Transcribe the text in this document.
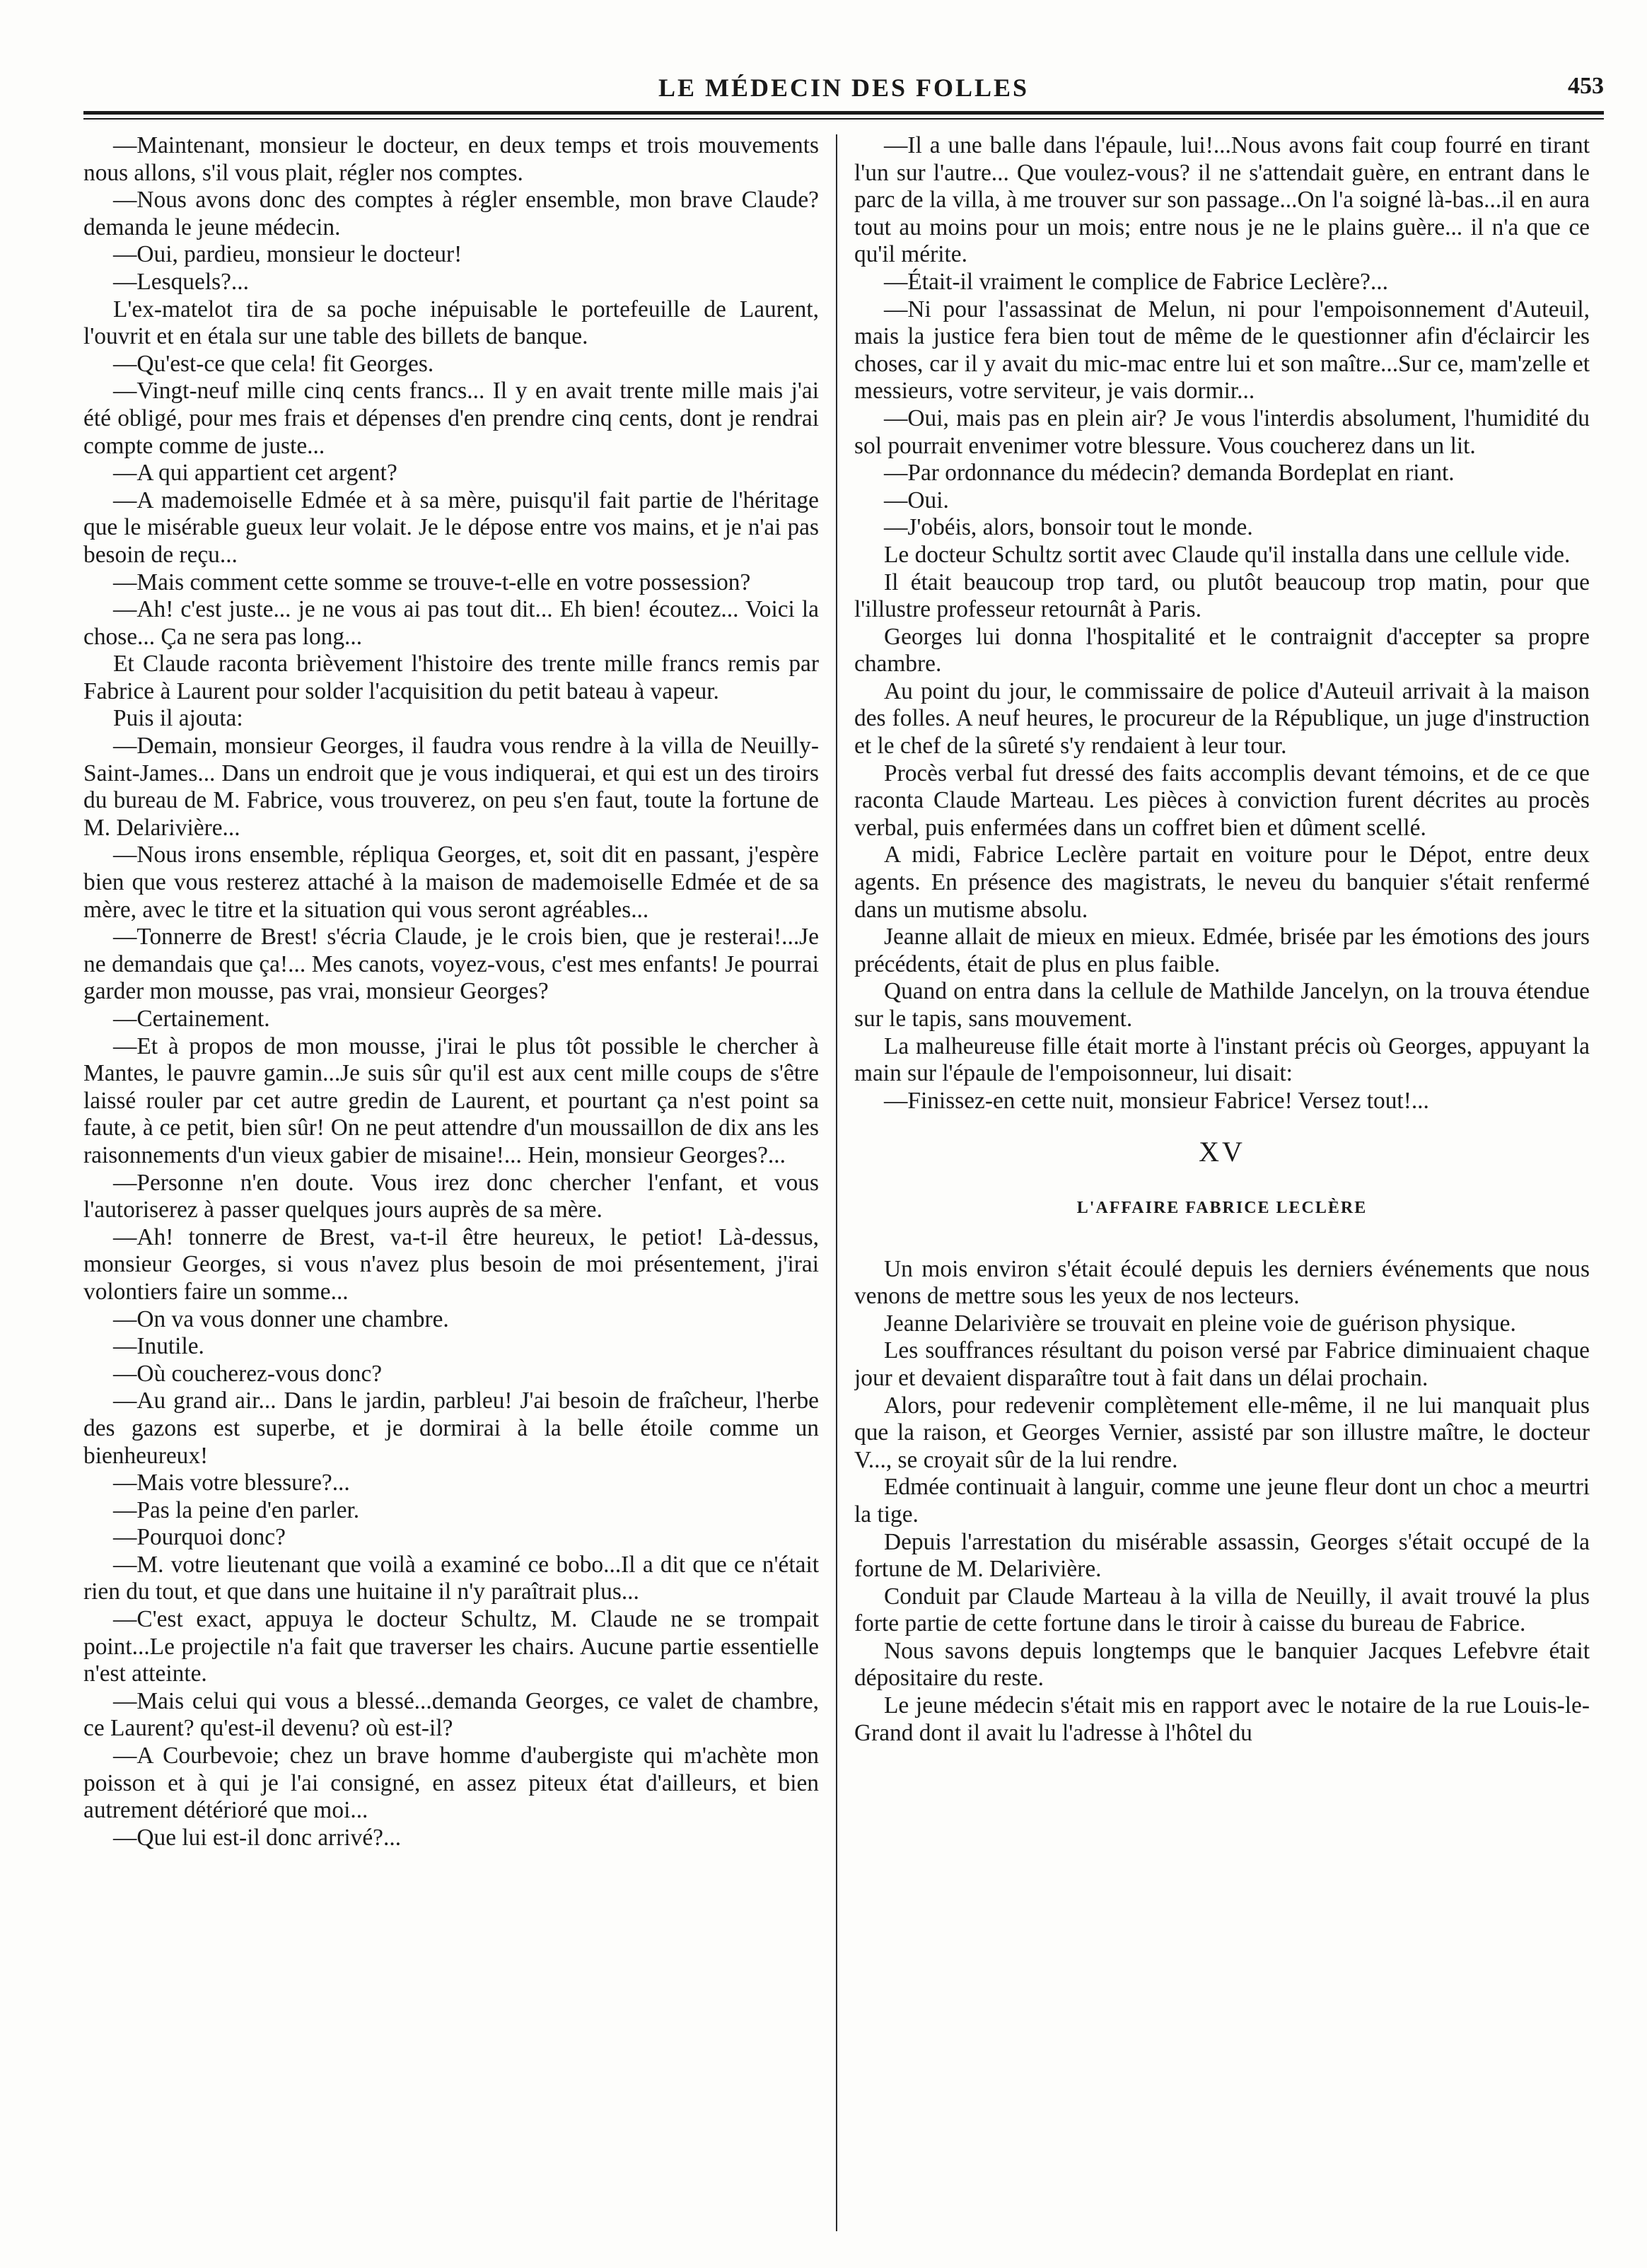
LE MÉDECIN DES FOLLES	453

—Maintenant, monsieur le docteur, en deux temps et trois mouvements nous allons, s'il vous plait, régler nos comptes.

—Nous avons donc des comptes à régler ensemble, mon brave Claude? demanda le jeune médecin.

—Oui, pardieu, monsieur le docteur!

—Lesquels?...

L'ex-matelot tira de sa poche inépuisable le portefeuille de Laurent, l'ouvrit et en étala sur une table des billets de banque.

—Qu'est-ce que cela! fit Georges.

—Vingt-neuf mille cinq cents francs... Il y en avait trente mille mais j'ai été obligé, pour mes frais et dépenses d'en prendre cinq cents, dont je rendrai compte comme de juste...

—A qui appartient cet argent?

—A mademoiselle Edmée et à sa mère, puisqu'il fait partie de l'héritage que le misérable gueux leur volait. Je le dépose entre vos mains, et je n'ai pas besoin de reçu...

—Mais comment cette somme se trouve-t-elle en votre possession?

—Ah! c'est juste... je ne vous ai pas tout dit... Eh bien! écoutez... Voici la chose... Ça ne sera pas long...

Et Claude raconta brièvement l'histoire des trente mille francs remis par Fabrice à Laurent pour solder l'acquisition du petit bateau à vapeur.

Puis il ajouta:

—Demain, monsieur Georges, il faudra vous rendre à la villa de Neuilly-Saint-James... Dans un endroit que je vous indiquerai, et qui est un des tiroirs du bureau de M. Fabrice, vous trouverez, on peu s'en faut, toute la fortune de M. Delarivière...

—Nous irons ensemble, répliqua Georges, et, soit dit en passant, j'espère bien que vous resterez attaché à la maison de mademoiselle Edmée et de sa mère, avec le titre et la situation qui vous seront agréables...

—Tonnerre de Brest! s'écria Claude, je le crois bien, que je resterai!...Je ne demandais que ça!... Mes canots, voyez-vous, c'est mes enfants! Je pourrai garder mon mousse, pas vrai, monsieur Georges?

—Certainement.

—Et à propos de mon mousse, j'irai le plus tôt possible le chercher à Mantes, le pauvre gamin...Je suis sûr qu'il est aux cent mille coups de s'être laissé rouler par cet autre gredin de Laurent, et pourtant ça n'est point sa faute, à ce petit, bien sûr! On ne peut attendre d'un moussaillon de dix ans les raisonnements d'un vieux gabier de misaine!... Hein, monsieur Georges?...

—Personne n'en doute. Vous irez donc chercher l'enfant, et vous l'autoriserez à passer quelques jours auprès de sa mère.

—Ah! tonnerre de Brest, va-t-il être heureux, le petiot! Là-dessus, monsieur Georges, si vous n'avez plus besoin de moi présentement, j'irai volontiers faire un somme...

—On va vous donner une chambre.

—Inutile.

—Où coucherez-vous donc?

—Au grand air... Dans le jardin, parbleu! J'ai besoin de fraîcheur, l'herbe des gazons est superbe, et je dormirai à la belle étoile comme un bienheureux!

—Mais votre blessure?...

—Pas la peine d'en parler.

—Pourquoi donc?

—M. votre lieutenant que voilà a examiné ce bobo...Il a dit que ce n'était rien du tout, et que dans une huitaine il n'y paraîtrait plus...

—C'est exact, appuya le docteur Schultz, M. Claude ne se trompait point...Le projectile n'a fait que traverser les chairs. Aucune partie essentielle n'est atteinte.

—Mais celui qui vous a blessé...demanda Georges, ce valet de chambre, ce Laurent? qu'est-il devenu? où est-il?

—A Courbevoie; chez un brave homme d'aubergiste qui m'achète mon poisson et à qui je l'ai consigné, en assez piteux état d'ailleurs, et bien autrement détérioré que moi...

—Que lui est-il donc arrivé?...

—Il a une balle dans l'épaule, lui!...Nous avons fait coup fourré en tirant l'un sur l'autre... Que voulez-vous? il ne s'attendait guère, en entrant dans le parc de la villa, à me trouver sur son passage...On l'a soigné là-bas...il en aura tout au moins pour un mois; entre nous je ne le plains guère... il n'a que ce qu'il mérite.

—Était-il vraiment le complice de Fabrice Leclère?...

—Ni pour l'assassinat de Melun, ni pour l'empoisonnement d'Auteuil, mais la justice fera bien tout de même de le questionner afin d'éclaircir les choses, car il y avait du mic-mac entre lui et son maître...Sur ce, mam'zelle et messieurs, votre serviteur, je vais dormir...

—Oui, mais pas en plein air? Je vous l'interdis absolument, l'humidité du sol pourrait envenimer votre blessure. Vous coucherez dans un lit.

—Par ordonnance du médecin? demanda Bordeplat en riant.

—Oui.

—J'obéis, alors, bonsoir tout le monde.

Le docteur Schultz sortit avec Claude qu'il installa dans une cellule vide.

Il était beaucoup trop tard, ou plutôt beaucoup trop matin, pour que l'illustre professeur retournât à Paris.

Georges lui donna l'hospitalité et le contraignit d'accepter sa propre chambre.

Au point du jour, le commissaire de police d'Auteuil arrivait à la maison des folles. A neuf heures, le procureur de la République, un juge d'instruction et le chef de la sûreté s'y rendaient à leur tour.

Procès verbal fut dressé des faits accomplis devant témoins, et de ce que raconta Claude Marteau. Les pièces à conviction furent décrites au procès verbal, puis enfermées dans un coffret bien et dûment scellé.

A midi, Fabrice Leclère partait en voiture pour le Dépot, entre deux agents. En présence des magistrats, le neveu du banquier s'était renfermé dans un mutisme absolu.

Jeanne allait de mieux en mieux. Edmée, brisée par les émotions des jours précédents, était de plus en plus faible.

Quand on entra dans la cellule de Mathilde Jancelyn, on la trouva étendue sur le tapis, sans mouvement.

La malheureuse fille était morte à l'instant précis où Georges, appuyant la main sur l'épaule de l'empoisonneur, lui disait:

—Finissez-en cette nuit, monsieur Fabrice! Versez tout!...

XV
L'AFFAIRE FABRICE LECLÈRE

Un mois environ s'était écoulé depuis les derniers événements que nous venons de mettre sous les yeux de nos lecteurs.

Jeanne Delarivière se trouvait en pleine voie de guérison physique.

Les souffrances résultant du poison versé par Fabrice diminuaient chaque jour et devaient disparaître tout à fait dans un délai prochain.

Alors, pour redevenir complètement elle-même, il ne lui manquait plus que la raison, et Georges Vernier, assisté par son illustre maître, le docteur V..., se croyait sûr de la lui rendre.

Edmée continuait à languir, comme une jeune fleur dont un choc a meurtri la tige.

Depuis l'arrestation du misérable assassin, Georges s'était occupé de la fortune de M. Delarivière.

Conduit par Claude Marteau à la villa de Neuilly, il avait trouvé la plus forte partie de cette fortune dans le tiroir à caisse du bureau de Fabrice.

Nous savons depuis longtemps que le banquier Jacques Lefebvre était dépositaire du reste.

Le jeune médecin s'était mis en rapport avec le notaire de la rue Louis-le-Grand dont il avait lu l'adresse à l'hôtel du
